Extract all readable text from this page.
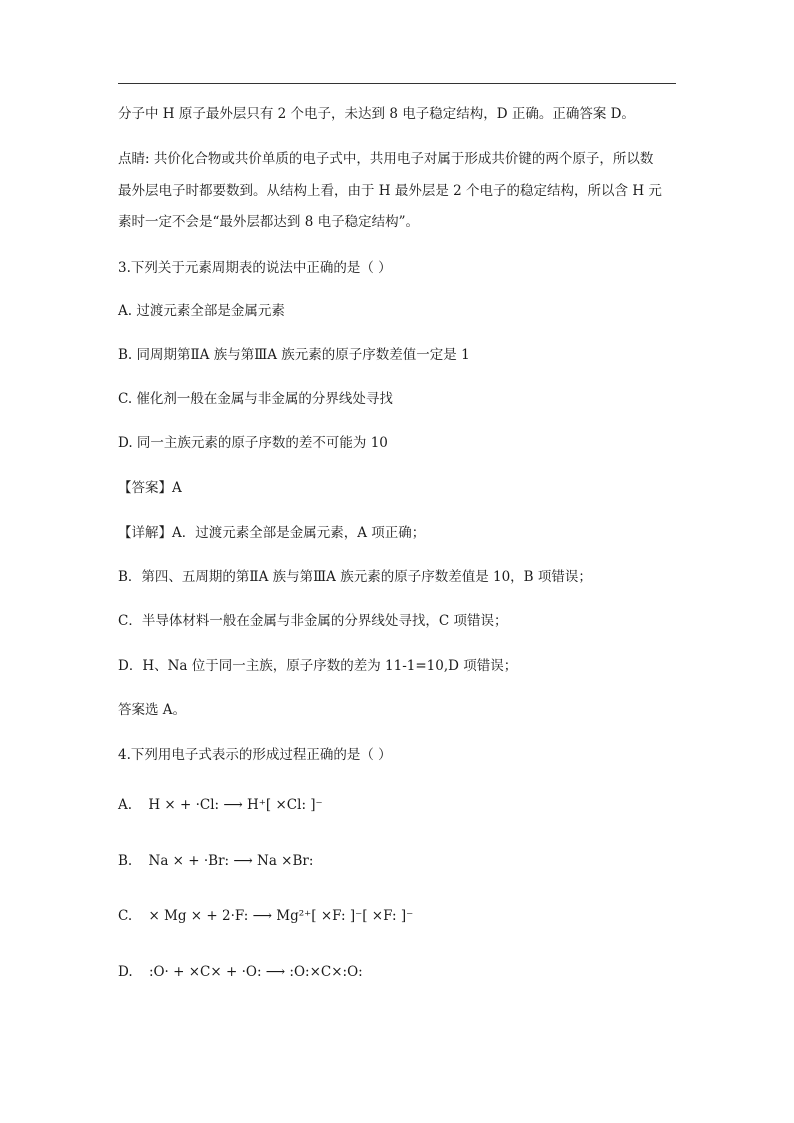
分子中 H 原子最外层只有 2 个电子，未达到 8 电子稳定结构，D 正确。正确答案 D。
点睛: 共价化合物或共价单质的电子式中，共用电子对属于形成共价键的两个原子，所以数
最外层电子时都要数到。从结构上看，由于 H 最外层是 2 个电子的稳定结构，所以含 H 元
素时一定不会是“最外层都达到 8 电子稳定结构”。
3.下列关于元素周期表的说法中正确的是（ ）
A. 过渡元素全部是金属元素
B. 同周期第ⅡA 族与第ⅢA 族元素的原子序数差值一定是 1
C. 催化剂一般在金属与非金属的分界线处寻找
D. 同一主族元素的原子序数的差不可能为 10
【答案】A
【详解】A．过渡元素全部是金属元素，A 项正确；
B．第四、五周期的第ⅡA 族与第ⅢA 族元素的原子序数差值是 10，B 项错误；
C．半导体材料一般在金属与非金属的分界线处寻找，C 项错误；
D．H、Na 位于同一主族，原子序数的差为 11-1=10,D 项错误；
答案选 A。
4.下列用电子式表示的形成过程正确的是（ ）
A. H × + ·Cl: ⟶ H⁺[ ×Cl: ]⁻
B. Na × + ·Br: ⟶ Na ×Br:
C. × Mg × + 2·F: ⟶ Mg²⁺[ ×F: ]⁻[ ×F: ]⁻
D. :O· + ×C× + ·O: ⟶ :O:×C×:O:
